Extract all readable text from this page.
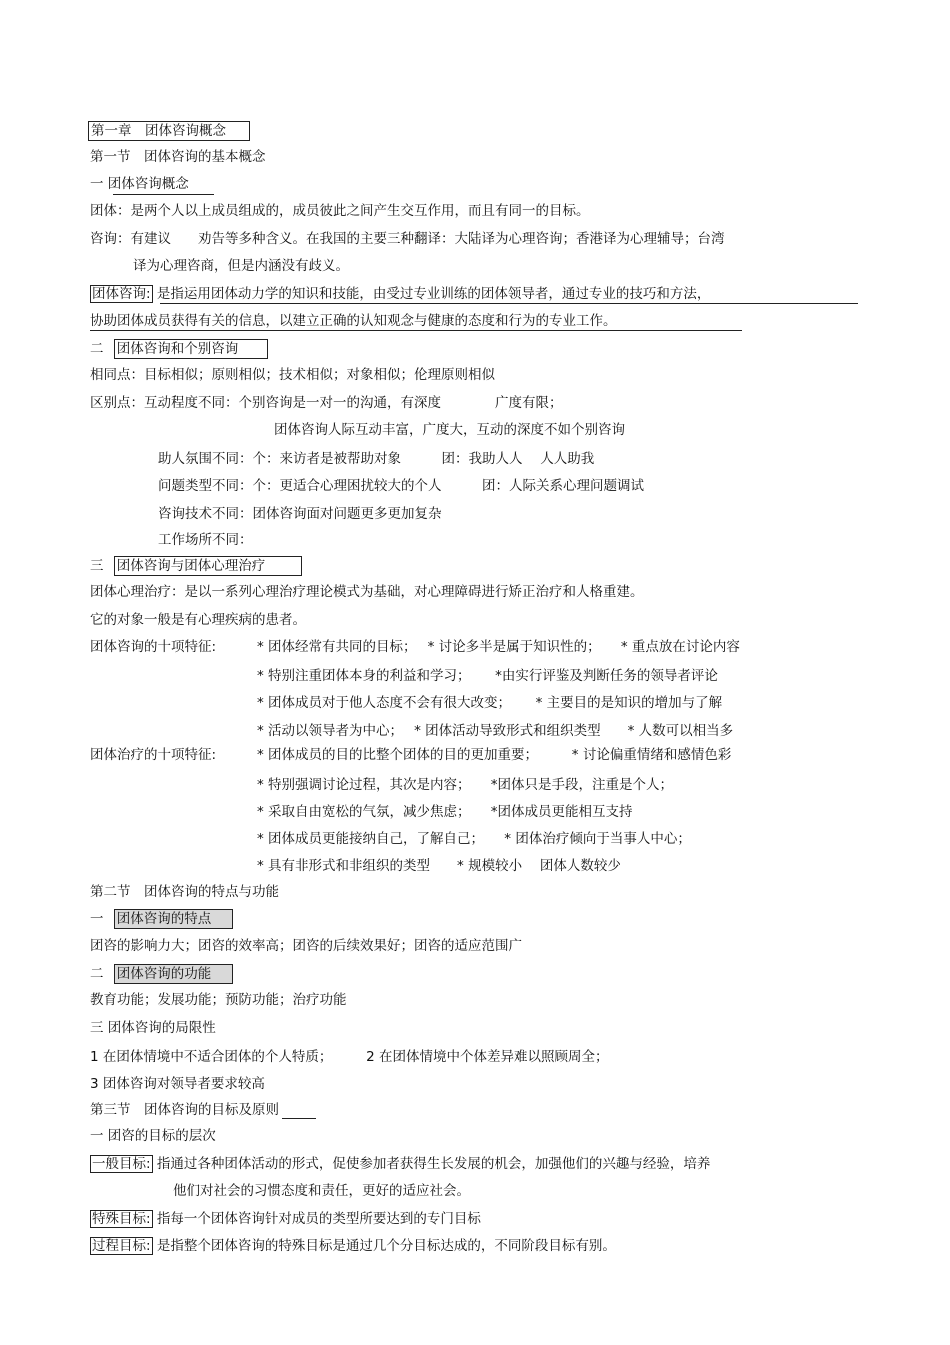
第一章　团体咨询概念
第一节　团体咨询的基本概念
一 团体咨询概念
团体：是两个人以上成员组成的，成员彼此之间产生交互作用，而且有同一的目标。
咨询：有建议　　劝告等多种含义。在我国的主要三种翻译：大陆译为心理咨询；香港译为心理辅导；台湾
译为心理咨商，但是内涵没有歧义。
团体咨询: 是指运用团体动力学的知识和技能，由受过专业训练的团体领导者，通过专业的技巧和方法，
协助团体成员获得有关的信息，以建立正确的认知观念与健康的态度和行为的专业工作。
二 团体咨询和个别咨询
相同点：目标相似；原则相似；技术相似；对象相似；伦理原则相似
区别点：互动程度不同：个别咨询是一对一的沟通，有深度　　　　广度有限；
团体咨询人际互动丰富，广度大，互动的深度不如个别咨询
助人氛围不同：个：来访者是被帮助对象　　　团：我助人人　 人人助我
问题类型不同：个：更适合心理困扰较大的个人　　　团：人际关系心理问题调试
咨询技术不同：团体咨询面对问题更多更加复杂
工作场所不同：
三 团体咨询与团体心理治疗
团体心理治疗：是以一系列心理治疗理论模式为基础，对心理障碍进行矫正治疗和人格重建。
它的对象一般是有心理疾病的患者。
团体咨询的十项特征:	* 团体经常有共同的目标；　 * 讨论多半是属于知识性的；　　* 重点放在讨论内容
* 特别注重团体本身的利益和学习；　　 *由实行评鉴及判断任务的领导者评论
* 团体成员对于他人态度不会有很大改变；　　 * 主要目的是知识的增加与了解
* 活动以领导者为中心；　 * 团体活动导致形式和组织类型　　* 人数可以相当多
团体治疗的十项特征:	* 团体成员的目的比整个团体的目的更加重要；　　　* 讨论偏重情绪和感情色彩
* 特别强调讨论过程，其次是内容；　　*团体只是手段，注重是个人；
* 采取自由宽松的气氛，减少焦虑；　　*团体成员更能相互支持
* 团体成员更能接纳自己，了解自己；　　* 团体治疗倾向于当事人中心；
* 具有非形式和非组织的类型　　* 规模较小　 团体人数较少
第二节　团体咨询的特点与功能
一 团体咨询的特点
团咨的影响力大；团咨的效率高；团咨的后续效果好；团咨的适应范围广
二 团体咨询的功能
教育功能；发展功能；预防功能；治疗功能
三 团体咨询的局限性
1 在团体情境中不适合团体的个人特质；　　　2 在团体情境中个体差异难以照顾周全；
3 团体咨询对领导者要求较高
第三节　团体咨询的目标及原则
一 团咨的目标的层次
一般目标: 指通过各种团体活动的形式，促使参加者获得生长发展的机会，加强他们的兴趣与经验，培养
他们对社会的习惯态度和责任，更好的适应社会。
特殊目标: 指每一个团体咨询针对成员的类型所要达到的专门目标
过程目标: 是指整个团体咨询的特殊目标是通过几个分目标达成的，不同阶段目标有别。
